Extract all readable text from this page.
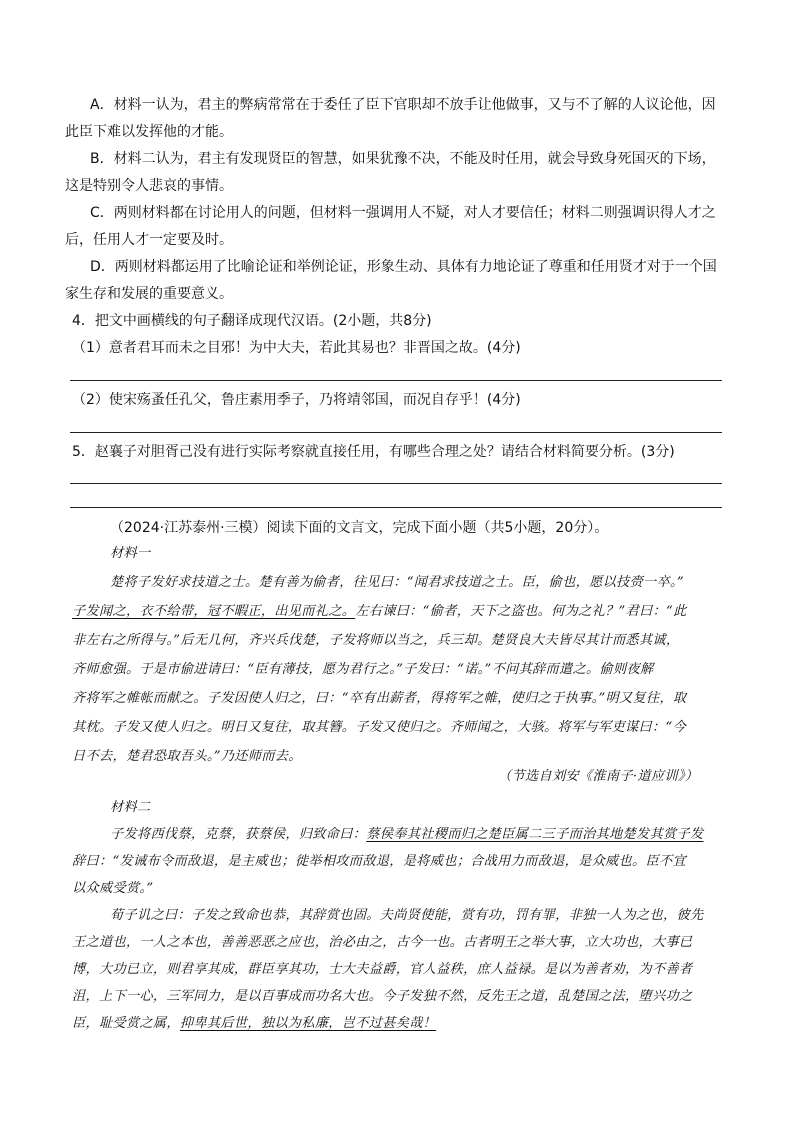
A．材料一认为，君主的弊病常常在于委任了臣下官职却不放手让他做事，又与不了解的人议论他，因
此臣下难以发挥他的才能。
B．材料二认为，君主有发现贤臣的智慧，如果犹豫不决，不能及时任用，就会导致身死国灭的下场，
这是特别令人悲哀的事情。
C．两则材料都在讨论用人的问题，但材料一强调用人不疑，对人才要信任；材料二则强调识得人才之
后，任用人才一定要及时。
D．两则材料都运用了比喻论证和举例论证，形象生动、具体有力地论证了尊重和任用贤才对于一个国
家生存和发展的重要意义。
4．把文中画横线的句子翻译成现代汉语。(2小题，共8分)
（1）意者君耳而未之目邪！为中大夫，若此其易也？非晋国之故。(4分)
（2）使宋殇蚤任孔父，鲁庄素用季子，乃将靖邻国，而况自存乎！(4分)
5．赵襄子对胆胥己没有进行实际考察就直接任用，有哪些合理之处？请结合材料简要分析。(3分)
（2024·江苏泰州·三模）阅读下面的文言文，完成下面小题（共5小题，20分）。
材料一
楚将子发好求技道之士。楚有善为偷者，往见曰：“闻君求技道之士。臣，偷也，愿以技赍一卒。”
子发闻之，衣不给带，冠不暇正，出见而礼之。左右谏曰：“偷者，天下之盗也。何为之礼？”君曰：“此
非左右之所得与。”后无几何，齐兴兵伐楚，子发将师以当之，兵三却。楚贤良大夫皆尽其计而悉其诚，
齐师愈强。于是市偷进请曰：“臣有薄技，愿为君行之。”子发曰：“诺。”不问其辞而遣之。偷则夜解
齐将军之帷帐而献之。子发因使人归之，曰：“卒有出薪者，得将军之帷，使归之于执事。”明又复往，取
其枕。子发又使人归之。明日又复往，取其簪。子发又使归之。齐师闻之，大骇。将军与军吏谋曰：“今
日不去，楚君恐取吾头。”乃还师而去。
（节选自刘安《淮南子·道应训》）
材料二
子发将西伐蔡，克蔡，获蔡侯，归致命曰：蔡侯奉其社稷而归之楚臣属二三子而治其地楚发其赏子发
辞曰：“发诫布令而敌退，是主威也；徙举相攻而敌退，是将威也；合战用力而敌退，是众威也。臣不宜
以众威受赏。”
荀子讥之曰：子发之致命也恭，其辞赏也固。夫尚贤使能，赏有功，罚有罪，非独一人为之也，彼先
王之道也，一人之本也，善善恶恶之应也，治必由之，古今一也。古者明王之举大事，立大功也，大事已
博，大功已立，则君享其成，群臣享其功，士大夫益爵，官人益秩，庶人益禄。是以为善者劝，为不善者
沮，上下一心，三军同力，是以百事成而功名大也。今子发独不然，反先王之道，乱楚国之法，堕兴功之
臣，耻受赏之属，抑卑其后世，独以为私廉，岂不过甚矣哉！
